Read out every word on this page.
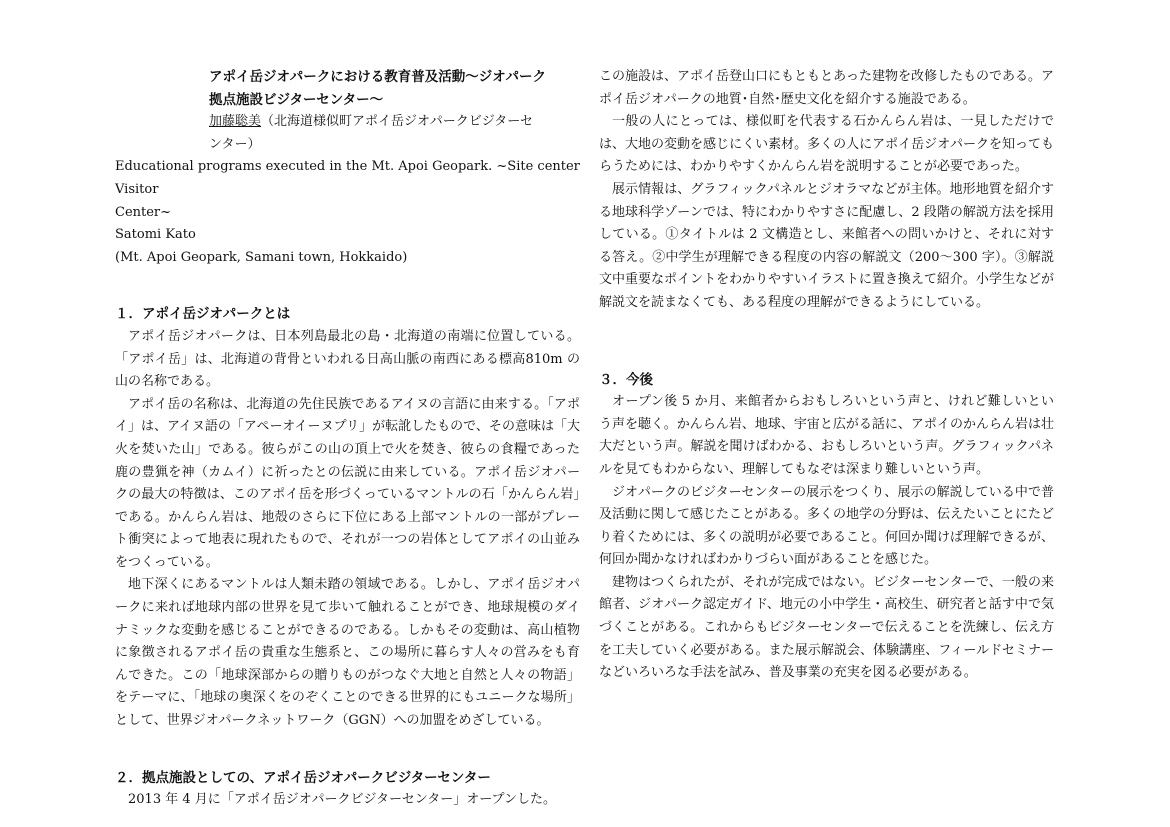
アポイ岳ジオパークにおける教育普及活動～ジオパーク
拠点施設ビジターセンター～
加藤聡美（北海道様似町アポイ岳ジオパークビジターセ
ンター）
Educational programs executed in the Mt. Apoi Geopark. ~Site center Visitor
Center~
Satomi Kato
(Mt. Apoi Geopark, Samani town, Hokkaido)
１．アポイ岳ジオパークとは

アポイ岳ジオパークは、日本列島最北の島・北海道の南端に位置している。「アポイ岳」は、北海道の背骨といわれる日高山脈の南西にある標高810m の山の名称である。

アポイ岳の名称は、北海道の先住民族であるアイヌの言語に由来する。「アポイ」は、アイヌ語の「アペーオイーヌプリ」が転訛したもので、その意味は「大火を焚いた山」である。彼らがこの山の頂上で火を焚き、彼らの食糧であった鹿の豊猟を神（カムイ）に祈ったとの伝説に由来している。アポイ岳ジオパークの最大の特徴は、このアポイ岳を形づくっているマントルの石「かんらん岩」である。かんらん岩は、地殻のさらに下位にある上部マントルの一部がプレート衝突によって地表に現れたもので、それが一つの岩体としてアポイの山並みをつくっている。

地下深くにあるマントルは人類未踏の領域である。しかし、アポイ岳ジオパークに来れば地球内部の世界を見て歩いて触れることができ、地球規模のダイナミックな変動を感じることができるのである。しかもその変動は、高山植物に象徴されるアポイ岳の貴重な生態系と、この場所に暮らす人々の営みをも育んできた。この「地球深部からの贈りものがつなぐ大地と自然と人々の物語」をテーマに、「地球の奥深くをのぞくことのできる世界的にもユニークな場所」として、世界ジオパークネットワーク（GGN）への加盟をめざしている。

２．拠点施設としての、アポイ岳ジオパークビジターセンター

2013 年 4 月に「アポイ岳ジオパークビジターセンター」オープンした。

この施設は、アポイ岳登山口にもともとあった建物を改修したものである。アポイ岳ジオパークの地質･自然･歴史文化を紹介する施設である。

一般の人にとっては、様似町を代表する石かんらん岩は、一見しただけでは、大地の変動を感じにくい素材。多くの人にアポイ岳ジオパークを知ってもらうためには、わかりやすくかんらん岩を説明することが必要であった。

展示情報は、グラフィックパネルとジオラマなどが主体。地形地質を紹介する地球科学ゾーンでは、特にわかりやすさに配慮し、2 段階の解説方法を採用している。①タイトルは 2 文構造とし、来館者への問いかけと、それに対する答え。②中学生が理解できる程度の内容の解説文（200～300 字）。③解説文中重要なポイントをわかりやすいイラストに置き換えて紹介。小学生などが解説文を読まなくても、ある程度の理解ができるようにしている。

３．今後

オープン後 5 か月、来館者からおもしろいという声と、けれど難しいという声を聴く。かんらん岩、地球、宇宙と広がる話に、アポイのかんらん岩は壮大だという声。解説を聞けばわかる、おもしろいという声。グラフィックパネルを見てもわからない、理解してもなぞは深まり難しいという声。

ジオパークのビジターセンターの展示をつくり、展示の解説している中で普及活動に関して感じたことがある。多くの地学の分野は、伝えたいことにたどり着くためには、多くの説明が必要であること。何回か聞けば理解できるが、何回か聞かなければわかりづらい面があることを感じた。

建物はつくられたが、それが完成ではない。ビジターセンターで、一般の来館者、ジオパーク認定ガイド、地元の小中学生・高校生、研究者と話す中で気づくことがある。これからもビジターセンターで伝えることを洗練し、伝え方を工夫していく必要がある。また展示解説会、体験講座、フィールドセミナーなどいろいろな手法を試み、普及事業の充実を図る必要がある。
